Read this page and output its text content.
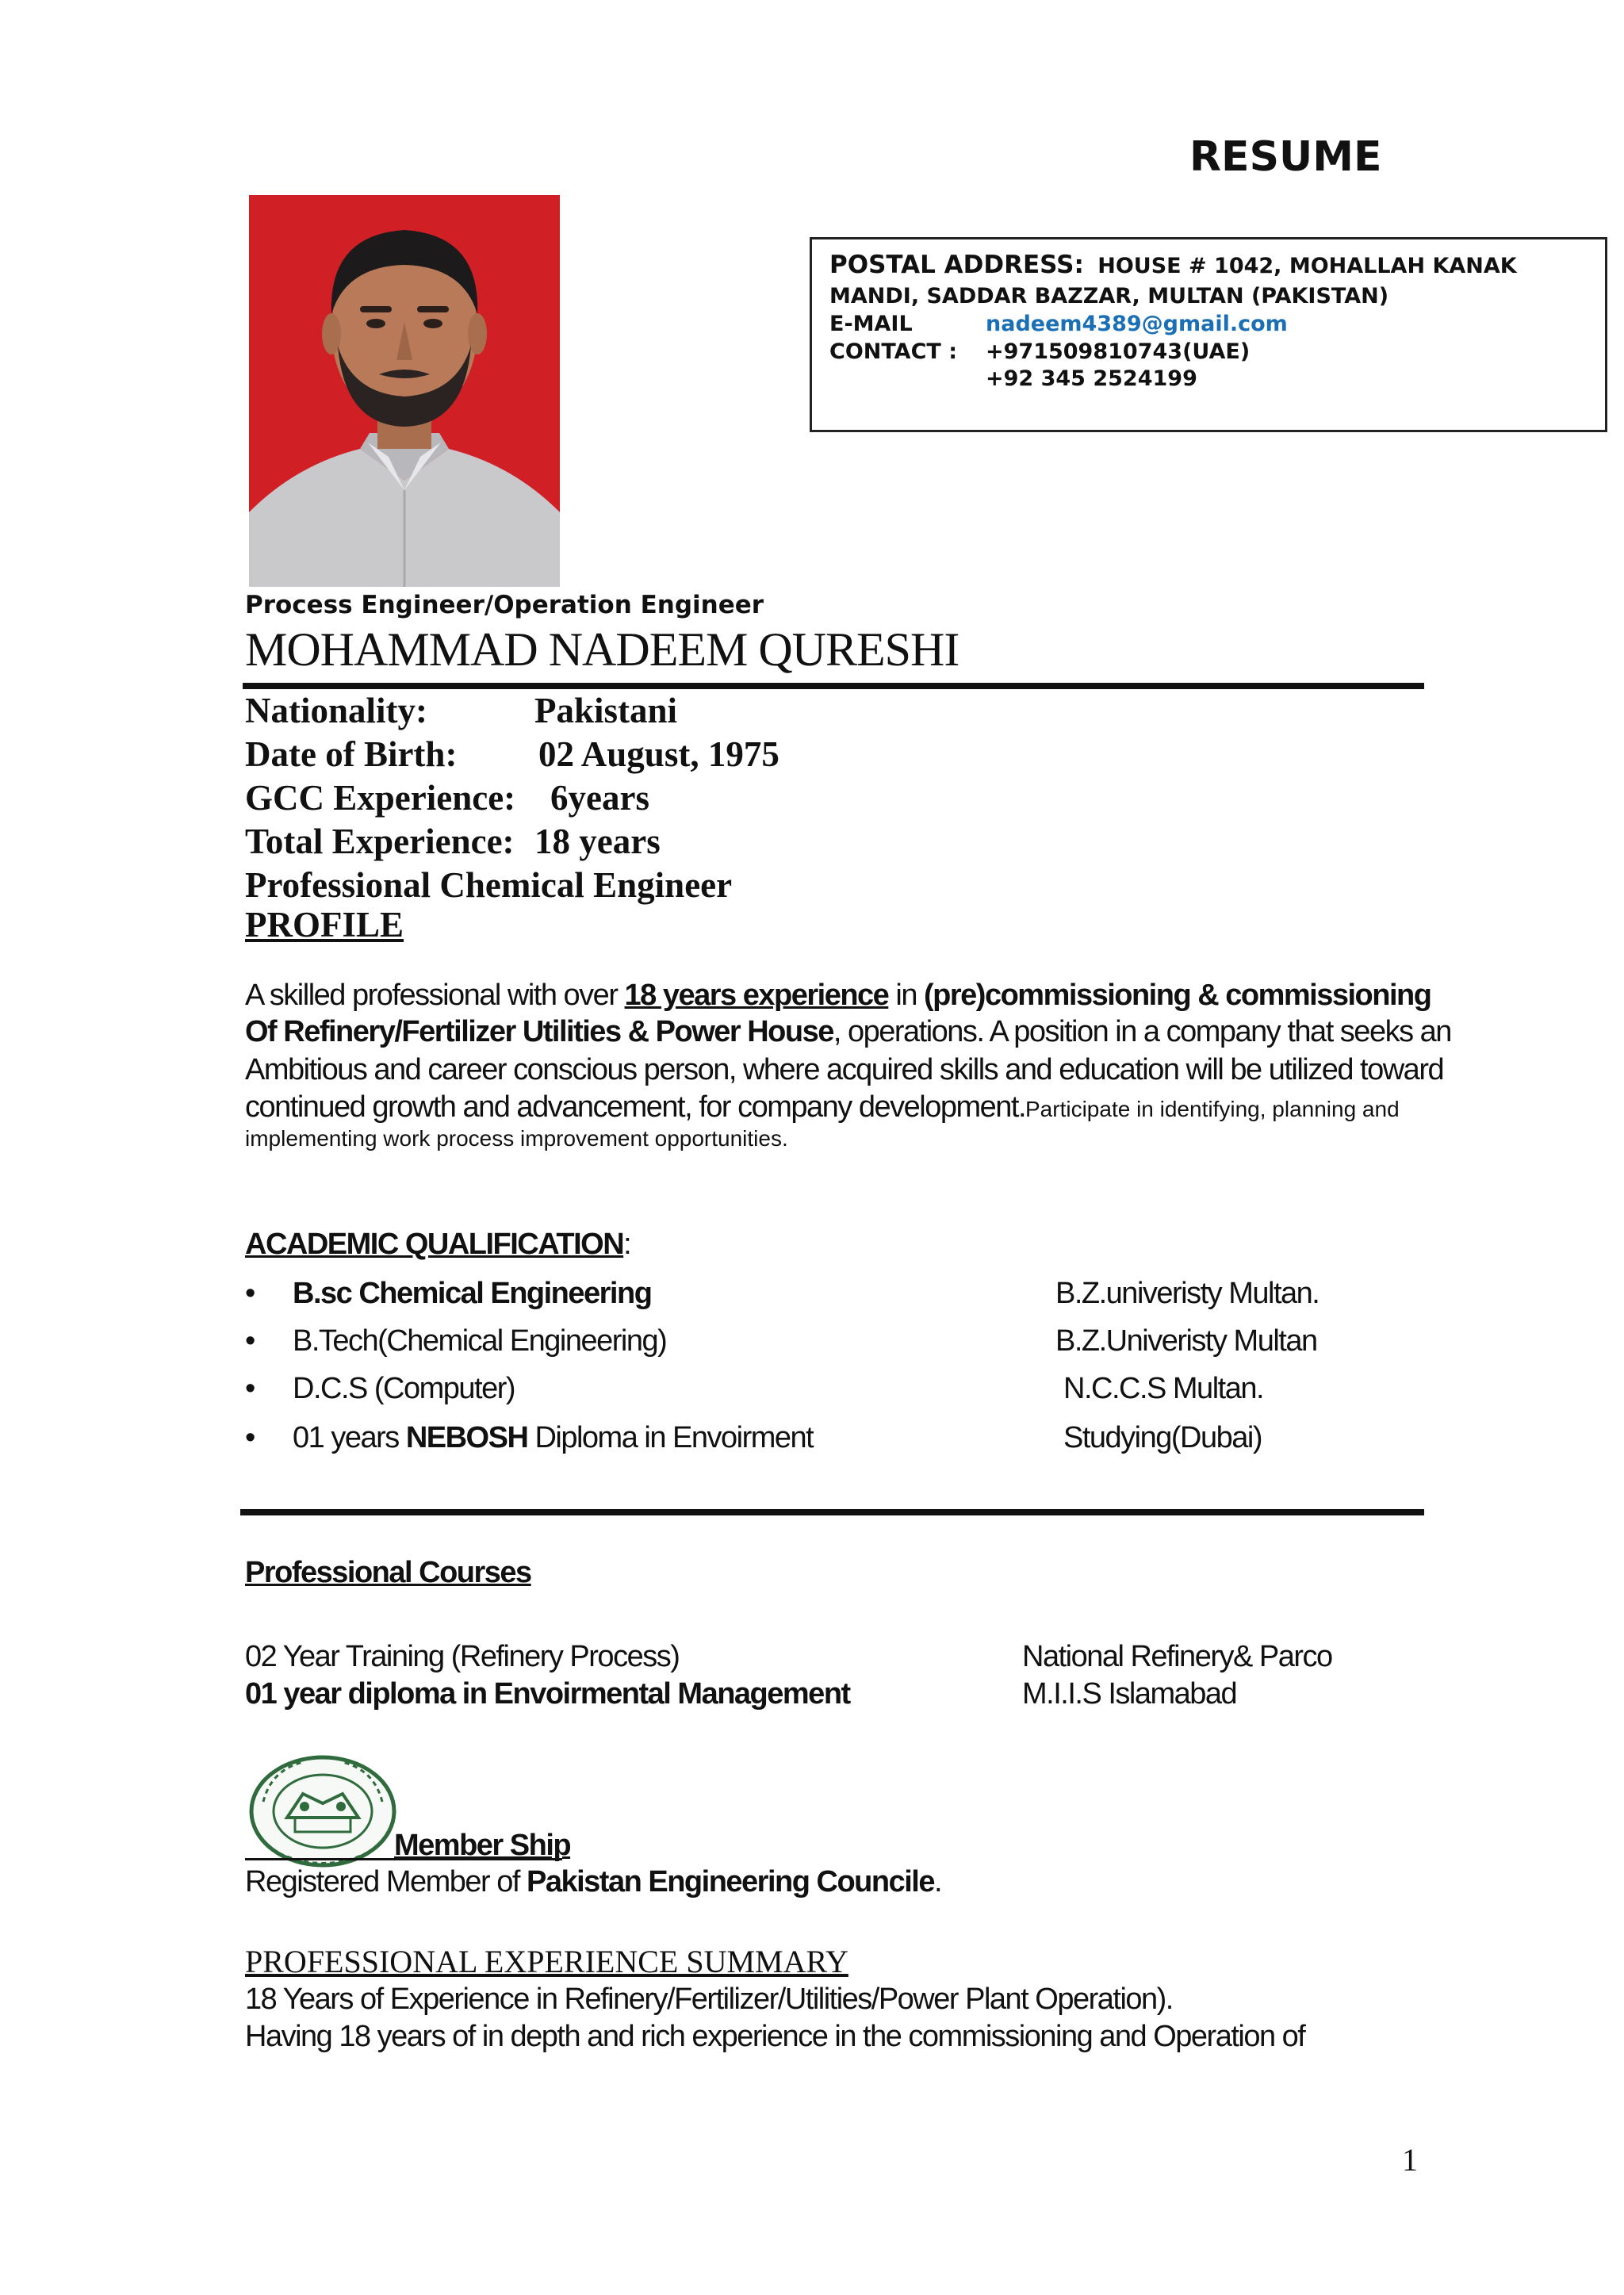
RESUME
POSTAL ADDRESS: HOUSE # 1042, MOHALLAH KANAK
MANDI, SADDAR BAZZAR, MULTAN (PAKISTAN)
E-MAIL	nadeem4389@gmail.com
CONTACT : +971509810743(UAE)
+92 345 2524199
Process Engineer/Operation Engineer
MOHAMMAD NADEEM QURESHI
Nationality:	Pakistani
Date of Birth: 02 August, 1975
GCC Experience: 6years
Total Experience: 18 years
Professional Chemical Engineer
PROFILE
A skilled professional with over 18 years experience in (pre)commissioning & commissioning
Of Refinery/Fertilizer Utilities & Power House, operations. A position in a company that seeks an
Ambitious and career conscious person, where acquired skills and education will be utilized toward
continued growth and advancement, for company development.Participate in identifying, planning and
implementing work process improvement opportunities.
ACADEMIC QUALIFICATION:
• B.sc Chemical Engineering	B.Z.univeristy Multan.
• B.Tech(Chemical Engineering)	B.Z.Univeristy Multan
• D.C.S (Computer)	N.C.C.S Multan.
• 01 years NEBOSH Diploma in Envoirment	Studying(Dubai)
Professional Courses
02 Year Training (Refinery Process)	National Refinery& Parco
01 year diploma in Envoirmental Management	M.I.I.S Islamabad
Member Ship
Registered Member of Pakistan Engineering Councile.
PROFESSIONAL EXPERIENCE SUMMARY
18 Years of Experience in Refinery/Fertilizer/Utilities/Power Plant Operation).
Having 18 years of in depth and rich experience in the commissioning and Operation of
1
